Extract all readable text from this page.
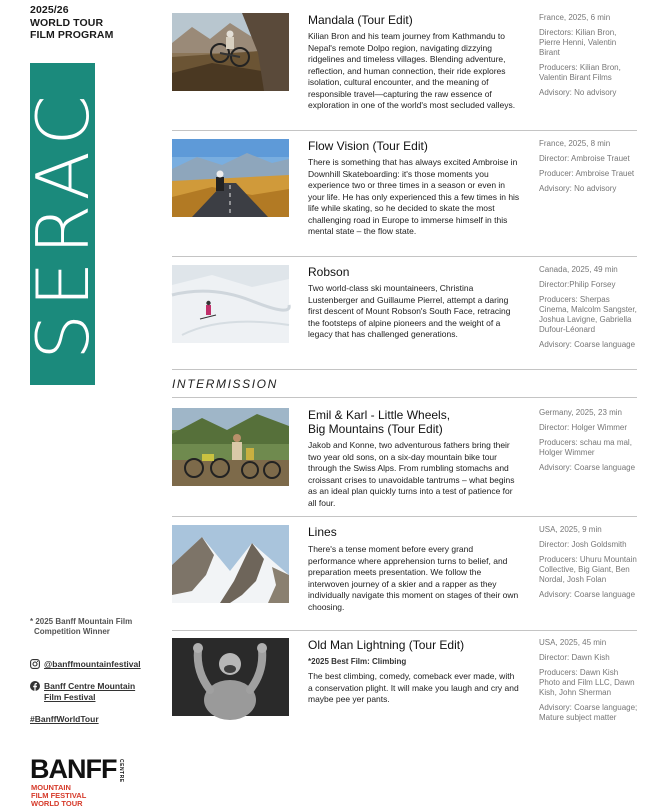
2025/26
WORLD TOUR
FILM PROGRAM
SERAC
* 2025 Banff Mountain Film
Competition Winner
@banffmountainfestival
Banff Centre Mountain
Film Festival
#BanffWorldTour
BANFF CENTRE
MOUNTAIN
FILM FESTIVAL
WORLD TOUR
Mandala (Tour Edit)
Kilian Bron and his team journey from Kathmandu to Nepal's remote Dolpo region, navigating dizzying ridgelines and timeless villages. Blending adventure, reflection, and human connection, their ride explores isolation, cultural encounter, and the meaning of responsible travel—capturing the raw essence of exploration in one of the world's most secluded valleys.

France, 2025, 6 min

Directors: Kilian Bron, Pierre Henni, Valentin Birant

Producers: Kilian Bron, Valentin Birant Films

Advisory: No advisory

Flow Vision (Tour Edit)
There is something that has always excited Ambroise in Downhill Skateboarding: it's those moments you experience two or three times in a season or even in your life. He has only experienced this a few times in his life while skating, so he decided to skate the most challenging road in Europe to immerse himself in this mental state – the flow state.

France, 2025, 8 min

Director: Ambroise Trauet

Producer: Ambroise Trauet

Advisory: No advisory

Robson
Two world-class ski mountaineers, Christina Lustenberger and Guillaume Pierrel, attempt a daring first descent of Mount Robson's South Face, retracing the footsteps of alpine pioneers and the weight of a legacy that has challenged generations.

Canada, 2025, 49 min

Director:Philip Forsey

Producers: Sherpas Cinema, Malcolm Sangster, Joshua Lavigne, Gabriella Dufour-Léonard

Advisory: Coarse language

INTERMISSION
Emil & Karl - Little Wheels,
Big Mountains (Tour Edit)
Jakob and Konne, two adventurous fathers bring their two year old sons, on a six-day mountain bike tour through the Swiss Alps. From rumbling stomachs and croissant crises to unavoidable tantrums – what begins as an ideal plan quickly turns into a test of patience for all four.

Germany, 2025, 23 min

Director: Holger Wimmer

Producers: schau ma mal, Holger Wimmer

Advisory: Coarse language

Lines
There's a tense moment before every grand performance where apprehension turns to belief, and preparation meets presentation. We follow the interwoven journey of a skier and a rapper as they individually navigate this moment on stages of their own choosing.

USA, 2025, 9 min

Director: Josh Goldsmith

Producers: Uhuru Mountain Collective, Big Giant, Ben Nordal, Josh Folan

Advisory: Coarse language

Old Man Lightning (Tour Edit)
*2025 Best Film: Climbing
The best climbing, comedy, comeback ever made, with a conservation plight. It will make you laugh and cry and maybe pee yer pants.

USA, 2025, 45 min

Director: Dawn Kish

Producers: Dawn Kish Photo and Film LLC, Dawn Kish, John Sherman

Advisory: Coarse language; Mature subject matter
